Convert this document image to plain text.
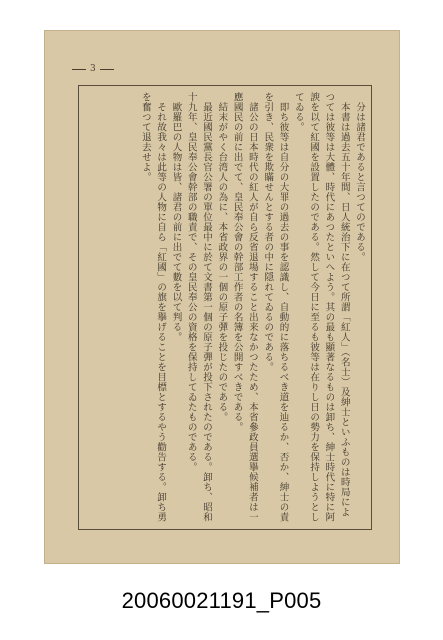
3

分は諸君であると言つてのである。

本書は過去五十年間、日人統治下に在つて所謂「紅人」（名士）及紳士といふものは時局によつては彼等は大體、時代にあつたといへよう。其の最も顯著なるものは卸ち、紳士時代に特に阿諛を以て紅國を設置したのである。然して今日に至るも彼等は在りし日の勢力を保持しようとしてゐる。

即ち彼等は自分の大罪の過去の事を認識し、自動的に落ちるべき道を辿るか、否か、紳士の責を引き、民衆を欺瞞せんとする者の中に隠れてゐるのである。

諸公の日本時代の紅人が自ら反省退場すること出来なかつたため、本省參政員選擧候補者は一應國民の前に出でて、皇民奉公會の幹部工作者の名簿を公開すべきである。

結末がやく台湾人の為に、本省政界の一個の原子彈を投じたのである。

最近國民黨長官公署の單位最中に於て文書第一個の原子彈が投下されたのである。卸ち、昭和十九年、皇民奉公會幹部の職責で、その皇民奉公の資格を保持してゐたものである。

歐羅巴の人物は皆、諸君の前に出でて數を以て判る。

それ故我々は此等の人物に自ら「紅國」の旗を擧げることを目標とするやう勸告する。卸ち勇を奮つて退去せよ。

20060021191_P005
